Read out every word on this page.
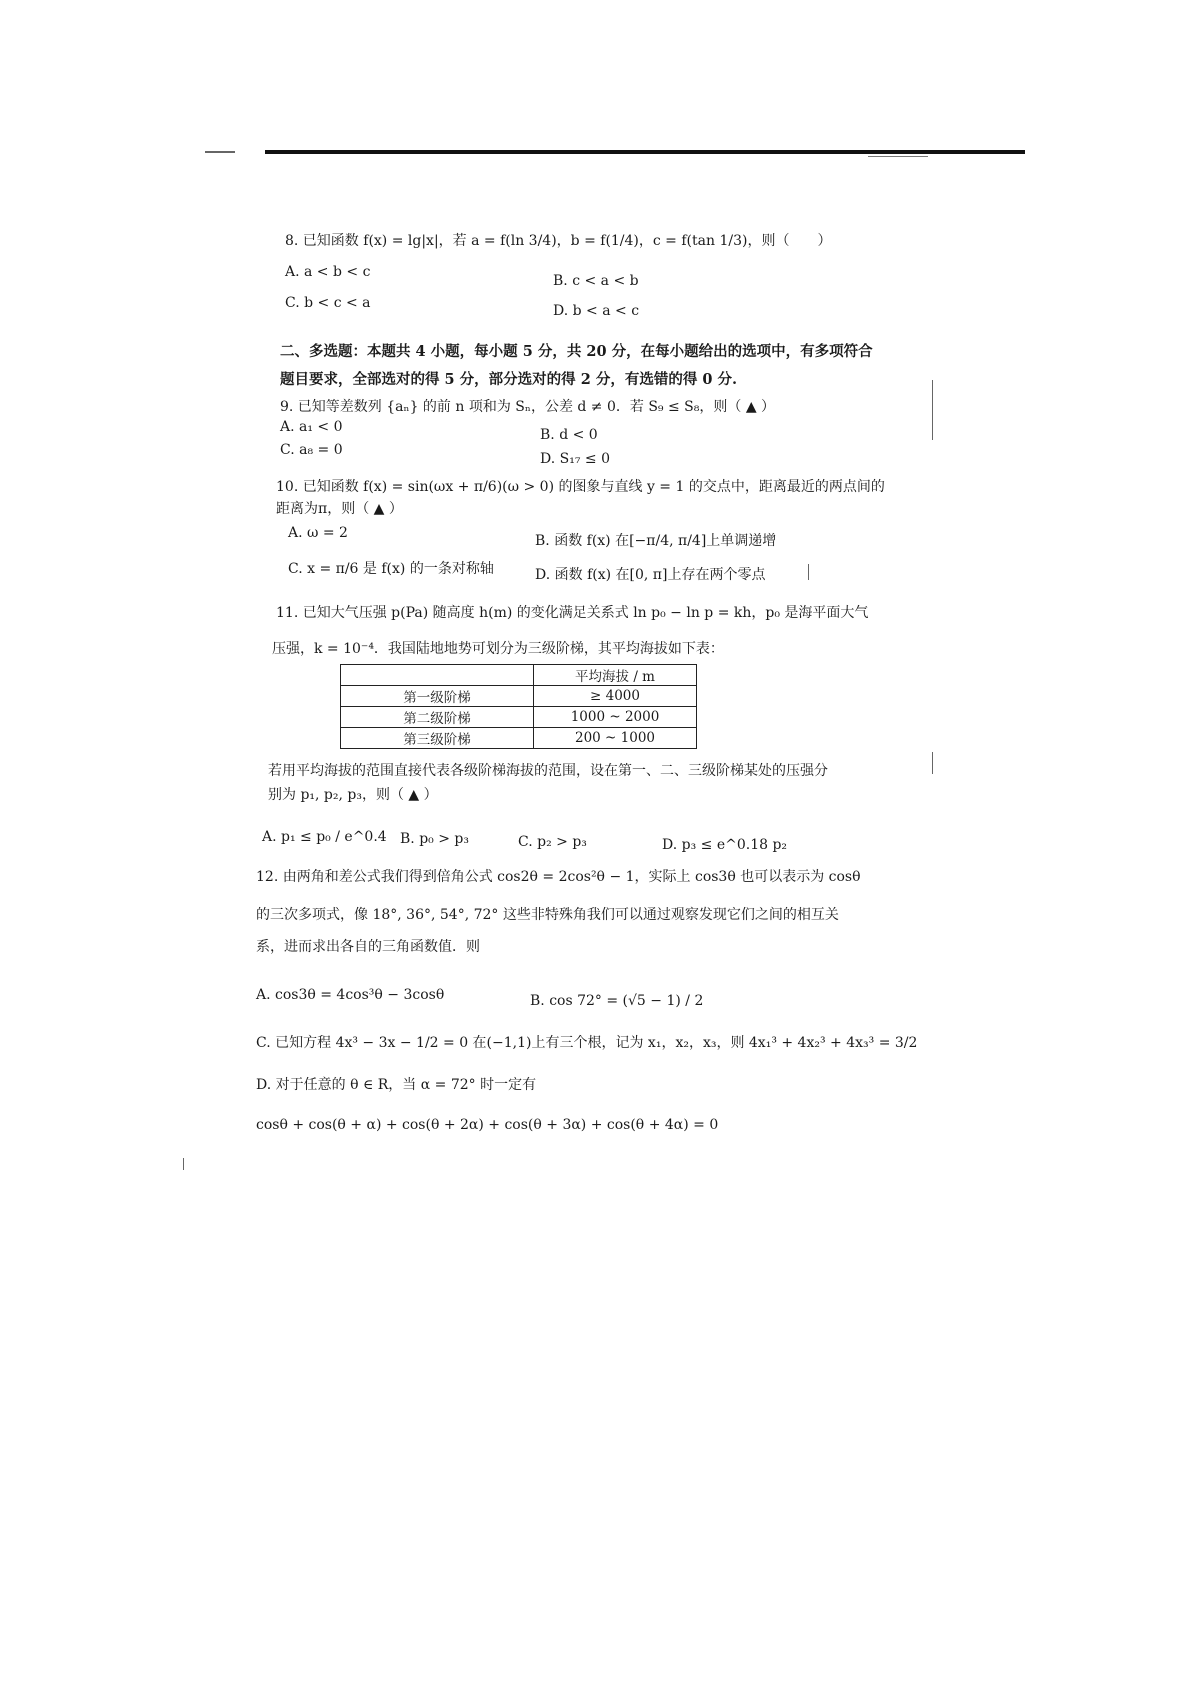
8. 已知函数 f(x) = lg|x|，若 a = f(ln 3/4)，b = f(1/4)，c = f(tan 1/3)，则（　　）
A. a < b < c
B. c < a < b
C. b < c < a	D. b < a < c
二、多选题：本题共 4 小题，每小题 5 分，共 20 分，在每小题给出的选项中，有多项符合
题目要求，全部选对的得 5 分，部分选对的得 2 分，有选错的得 0 分.
9. 已知等差数列 {aₙ} 的前 n 项和为 Sₙ，公差 d ≠ 0．若 S₉ ≤ S₈，则（ ▲ ）
A. a₁ < 0	B. d < 0
C. a₈ = 0
D. S₁₇ ≤ 0
10. 已知函数 f(x) = sin(ωx + π/6)(ω > 0) 的图象与直线 y = 1 的交点中，距离最近的两点间的
距离为π，则（ ▲ ）
A. ω = 2	B. 函数 f(x) 在[−π/4, π/4]上单调递增
C. x = π/6 是 f(x) 的一条对称轴	D. 函数 f(x) 在[0, π]上存在两个零点
11. 已知大气压强 p(Pa) 随高度 h(m) 的变化满足关系式 ln p₀ − ln p = kh，p₀ 是海平面大气
压强，k = 10⁻⁴．我国陆地地势可划分为三级阶梯，其平均海拔如下表：
	平均海拔 / m
第一级阶梯	≥ 4000
第二级阶梯	1000 ~ 2000
第三级阶梯	200 ~ 1000
若用平均海拔的范围直接代表各级阶梯海拔的范围，设在第一、二、三级阶梯某处的压强分
别为 p₁, p₂, p₃，则（ ▲ ）
A. p₁ ≤ p₀ / e^0.4 B. p₀ > p₃	C. p₂ > p₃	D. p₃ ≤ e^0.18 p₂
12. 由两角和差公式我们得到倍角公式 cos2θ = 2cos²θ − 1，实际上 cos3θ 也可以表示为 cosθ
的三次多项式，像 18°, 36°, 54°, 72° 这些非特殊角我们可以通过观察发现它们之间的相互关
系，进而求出各自的三角函数值．则
A. cos3θ = 4cos³θ − 3cosθ	B. cos 72° = (√5 − 1) / 2
C. 已知方程 4x³ − 3x − 1/2 = 0 在(−1,1)上有三个根，记为 x₁，x₂，x₃，则 4x₁³ + 4x₂³ + 4x₃³ = 3/2
D. 对于任意的 θ ∈ R，当 α = 72° 时一定有
cosθ + cos(θ + α) + cos(θ + 2α) + cos(θ + 3α) + cos(θ + 4α) = 0
